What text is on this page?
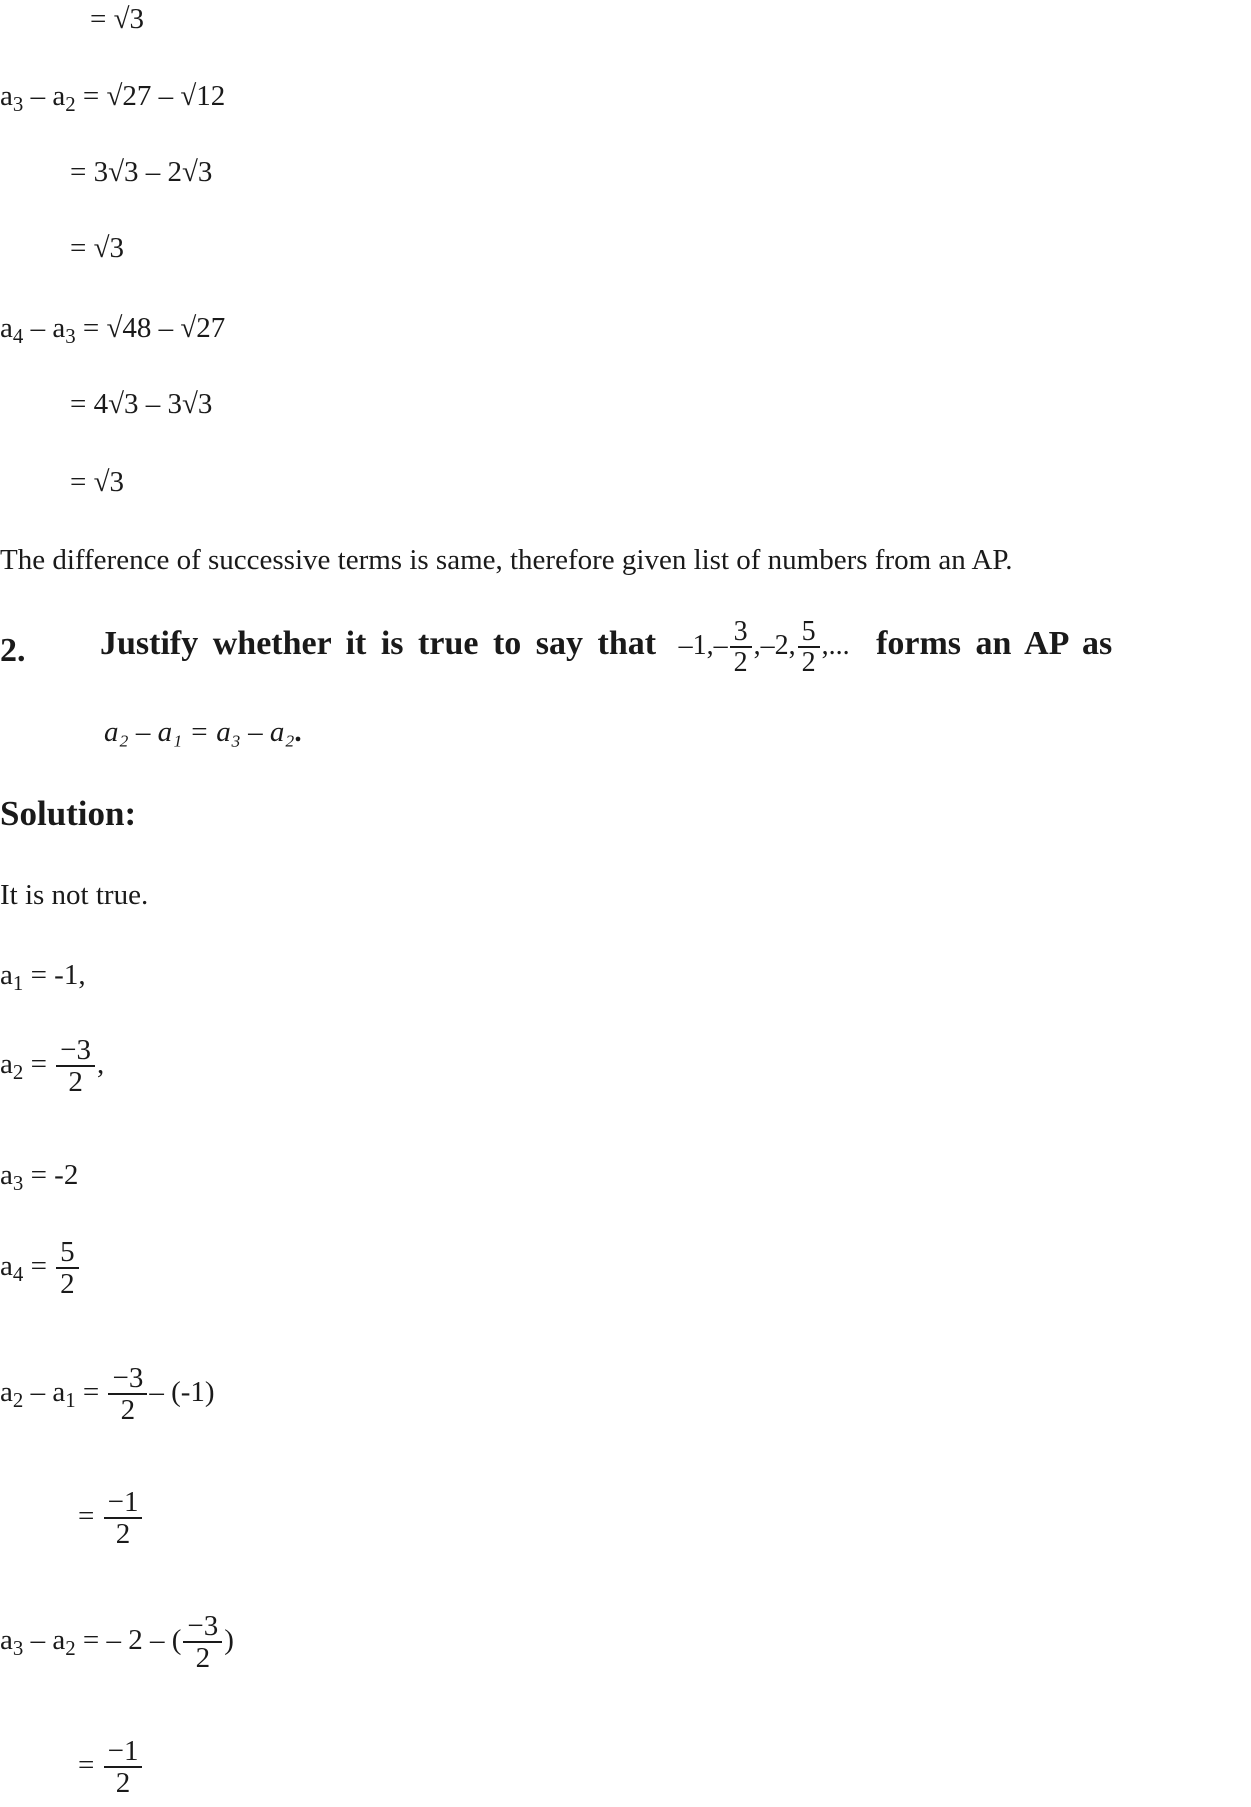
= √3
$a_3 - a_2 = √27 - √12$
= 3√3 – 2√3
= √3
$a_4 - a_3 = √48 - √27$
= 4√3 – 3√3
= √3
The difference of successive terms is same, therefore given list of numbers from an AP.
2. Justify whether it is true to say that $-1,- \frac{3}{2} ,-2$, $\frac{5}{2}$ ,... forms an AP as
a₂ – a₁ = a₃ – a₂.
Solution:
It is not true.
$a_1 = -1$,
$a_2 = \frac{-3}{2}$ ,
$a_3 = -2$
$a_4 = \frac{5}{2}$
$a_2 - a_1 = \frac{-3}{2} - (-1)$
= $\frac{-1}{2}$
$a_3 - a_2$ = – 2 – ( $\frac{-3}{2}$ )
= $\frac{-1}{2}$
